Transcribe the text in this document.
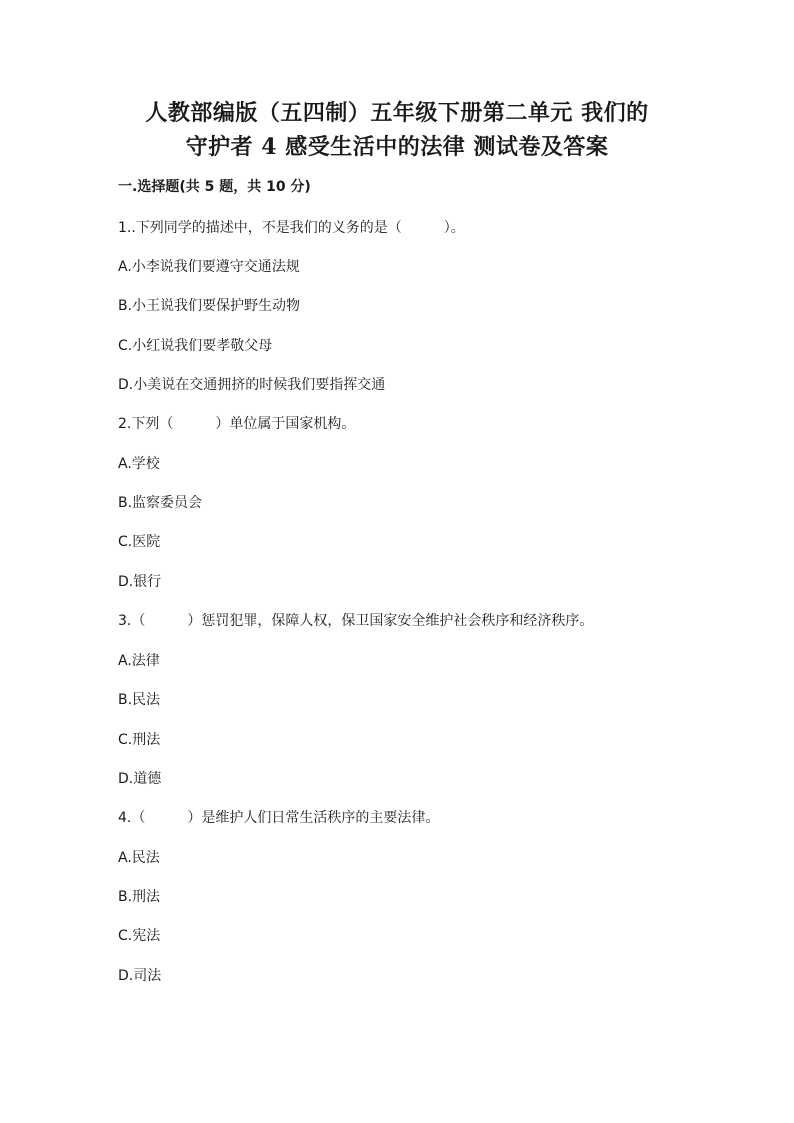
人教部编版（五四制）五年级下册第二单元 我们的
守护者 4 感受生活中的法律 测试卷及答案
一.选择题(共 5 题，共 10 分)
1..下列同学的描述中，不是我们的义务的是（　　　）。
A.小李说我们要遵守交通法规
B.小王说我们要保护野生动物
C.小红说我们要孝敬父母
D.小美说在交通拥挤的时候我们要指挥交通
2.下列（　　　）单位属于国家机构。
A.学校
B.监察委员会
C.医院
D.银行
3.（　　　）惩罚犯罪，保障人权，保卫国家安全维护社会秩序和经济秩序。
A.法律
B.民法
C.刑法
D.道德
4.（　　　）是维护人们日常生活秩序的主要法律。
A.民法
B.刑法
C.宪法
D.司法
